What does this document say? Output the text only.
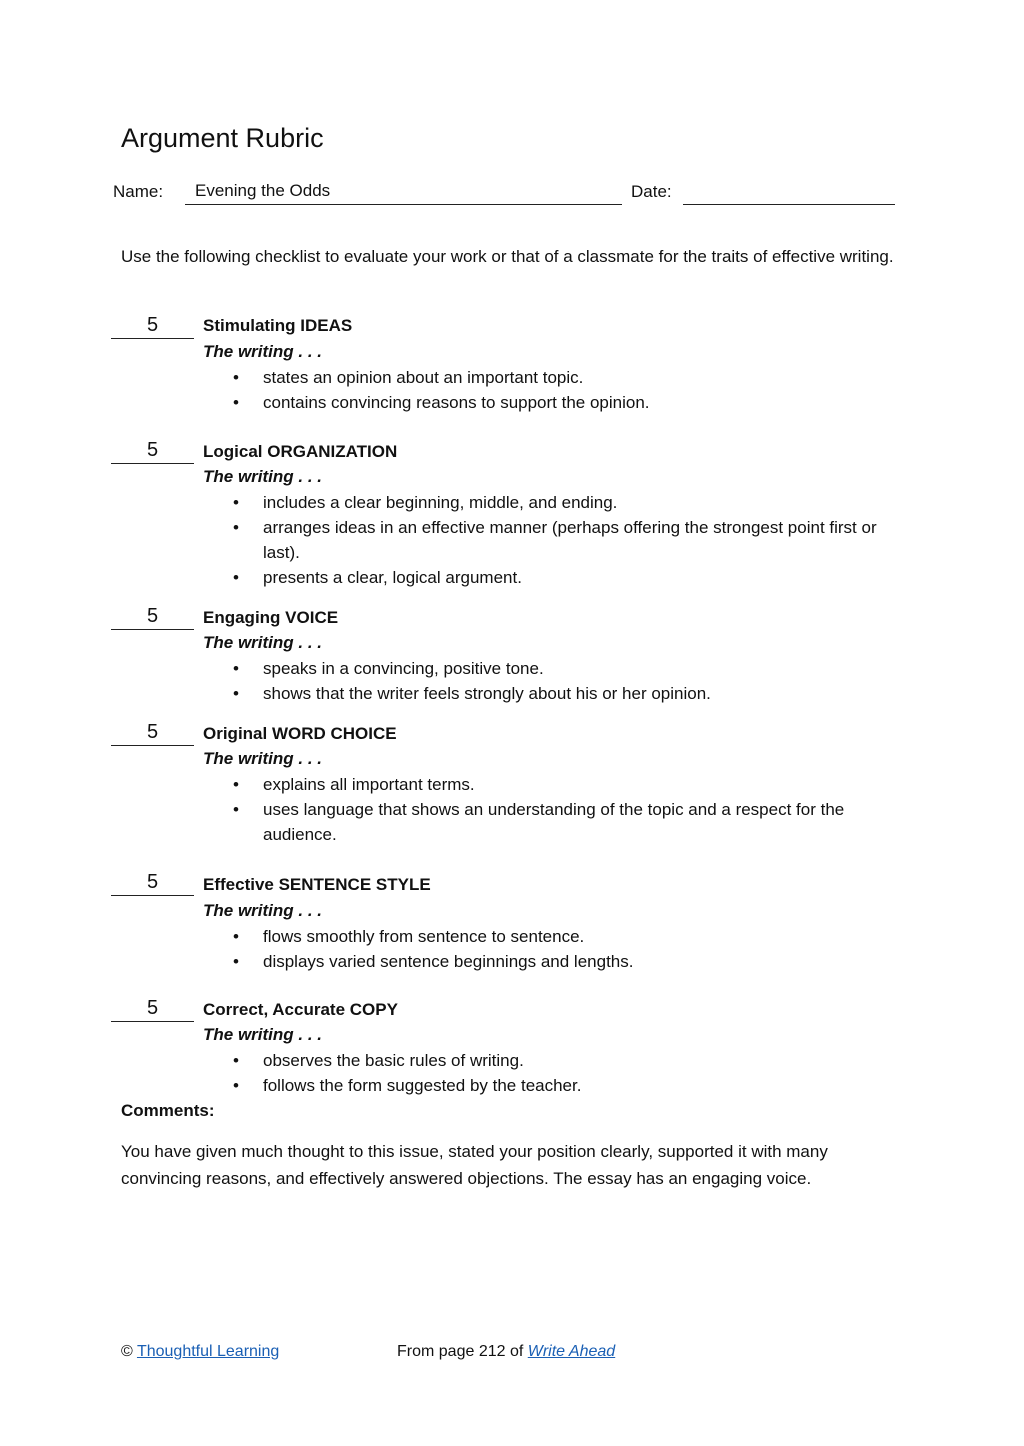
Argument Rubric
Name:	Evening the Odds	Date:
Use the following checklist to evaluate your work or that of a classmate for the traits of effective writing.
5	Stimulating IDEAS
The writing . . .
• states an opinion about an important topic.
• contains convincing reasons to support the opinion.
5	Logical ORGANIZATION
The writing . . .
• includes a clear beginning, middle, and ending.
• arranges ideas in an effective manner (perhaps offering the strongest point first or last).
• presents a clear, logical argument.
5	Engaging VOICE
The writing . . .
• speaks in a convincing, positive tone.
• shows that the writer feels strongly about his or her opinion.
5	Original WORD CHOICE
The writing . . .
• explains all important terms.
• uses language that shows an understanding of the topic and a respect for the audience.
5	Effective SENTENCE STYLE
The writing . . .
• flows smoothly from sentence to sentence.
• displays varied sentence beginnings and lengths.
5	Correct, Accurate COPY
The writing . . .
• observes the basic rules of writing.
• follows the form suggested by the teacher.
Comments:
You have given much thought to this issue, stated your position clearly, supported it with many convincing reasons, and effectively answered objections. The essay has an engaging voice.
© Thoughtful Learning	From page 212 of Write Ahead
